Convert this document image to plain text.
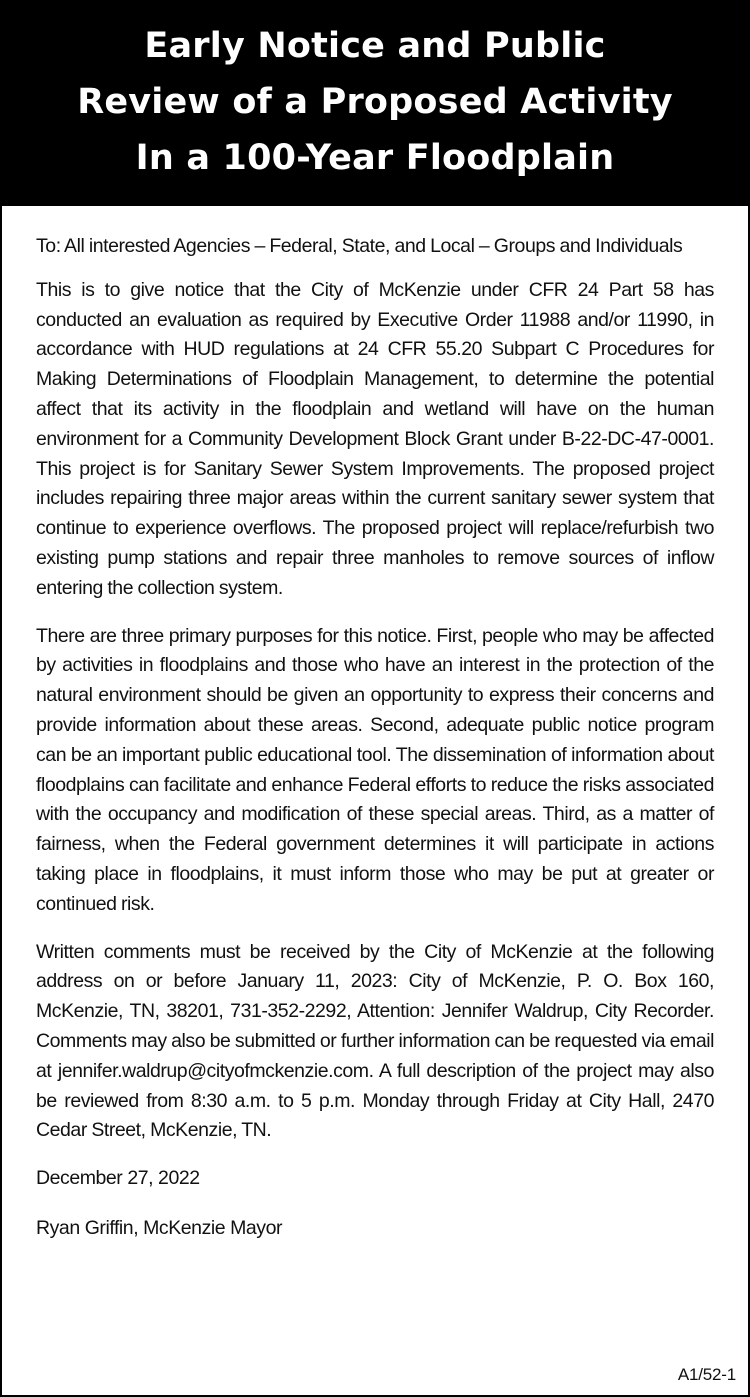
Early Notice and Public
Review of a Proposed Activity
In a 100-Year Floodplain

To: All interested Agencies – Federal, State, and Local – Groups and Individuals

This is to give notice that the City of McKenzie under CFR 24 Part 58 has conducted an evaluation as required by Executive Order 11988 and/or 11990, in accordance with HUD regulations at 24 CFR 55.20 Subpart C Procedures for Making Determinations of Floodplain Management, to determine the potential affect that its activity in the floodplain and wetland will have on the human environment for a Community Development Block Grant under B-22-DC-47-0001. This project is for Sanitary Sewer System Improvements. The proposed project includes repairing three major areas within the current sanitary sewer system that continue to experience overflows. The proposed project will replace/refurbish two existing pump stations and repair three manholes to remove sources of inflow entering the collection system.

There are three primary purposes for this notice. First, people who may be affected by activities in floodplains and those who have an interest in the protection of the natural environment should be given an opportunity to express their concerns and provide information about these areas. Second, adequate public notice program can be an important public educational tool. The dissemination of information about floodplains can facilitate and enhance Federal efforts to reduce the risks associated with the occupancy and modification of these special areas. Third, as a matter of fairness, when the Federal government determines it will participate in actions taking place in floodplains, it must inform those who may be put at greater or continued risk.

Written comments must be received by the City of McKenzie at the following address on or before January 11, 2023: City of McKenzie, P. O. Box 160, McKenzie, TN, 38201, 731-352-2292, Attention: Jennifer Waldrup, City Recorder. Comments may also be submitted or further information can be requested via email at jennifer.waldrup@cityofmckenzie.com. A full description of the project may also be reviewed from 8:30 a.m. to 5 p.m. Monday through Friday at City Hall, 2470 Cedar Street, McKenzie, TN.

December 27, 2022

Ryan Griffin, McKenzie Mayor

A1/52-1
